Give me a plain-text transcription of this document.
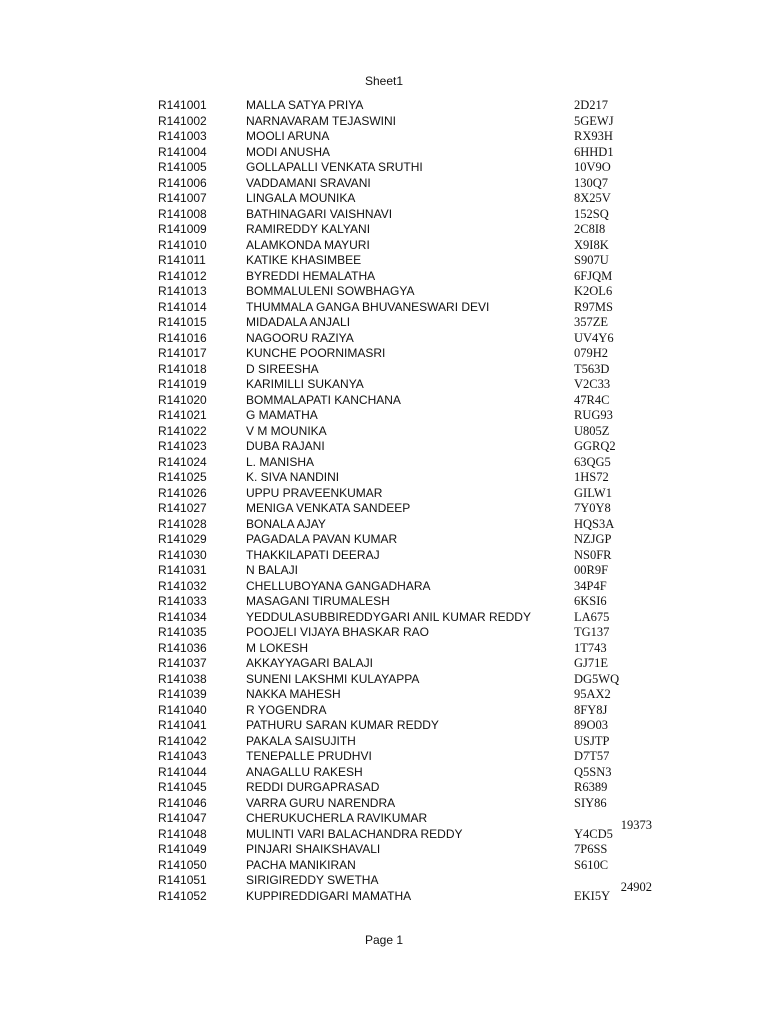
Sheet1
R141001	MALLA SATYA PRIYA	2D217
R141002	NARNAVARAM TEJASWINI	5GEWJ
R141003	MOOLI ARUNA	RX93H
R141004	MODI ANUSHA	6HHD1
R141005	GOLLAPALLI VENKATA SRUTHI	10V9O
R141006	VADDAMANI SRAVANI	130Q7
R141007	LINGALA MOUNIKA	8X25V
R141008	BATHINAGARI VAISHNAVI	152SQ
R141009	RAMIREDDY KALYANI	2C8I8
R141010	ALAMKONDA MAYURI	X9I8K
R141011	KATIKE KHASIMBEE	S907U
R141012	BYREDDI HEMALATHA	6FJQM
R141013	BOMMALULENI SOWBHAGYA	K2OL6
R141014	THUMMALA GANGA BHUVANESWARI DEVI	R97MS
R141015	MIDADALA ANJALI	357ZE
R141016	NAGOORU RAZIYA	UV4Y6
R141017	KUNCHE POORNIMASRI	079H2
R141018	D SIREESHA	T563D
R141019	KARIMILLI SUKANYA	V2C33
R141020	BOMMALAPATI KANCHANA	47R4C
R141021	G MAMATHA	RUG93
R141022	V M MOUNIKA	U805Z
R141023	DUBA RAJANI	GGRQ2
R141024	L. MANISHA	63QG5
R141025	K. SIVA NANDINI	1HS72
R141026	UPPU PRAVEENKUMAR	GILW1
R141027	MENIGA VENKATA SANDEEP	7Y0Y8
R141028	BONALA AJAY	HQS3A
R141029	PAGADALA PAVAN KUMAR	NZJGP
R141030	THAKKILAPATI DEERAJ	NS0FR
R141031	N BALAJI	00R9F
R141032	CHELLUBOYANA GANGADHARA	34P4F
R141033	MASAGANI TIRUMALESH	6KSI6
R141034	YEDDULASUBBIREDDYGARI ANIL KUMAR REDDY	LA675
R141035	POOJELI VIJAYA BHASKAR RAO	TG137
R141036	M LOKESH	1T743
R141037	AKKAYYAGARI BALAJI	GJ71E
R141038	SUNENI LAKSHMI KULAYAPPA	DG5WQ
R141039	NAKKA MAHESH	95AX2
R141040	R YOGENDRA	8FY8J
R141041	PATHURU SARAN KUMAR REDDY	89O03
R141042	PAKALA SAISUJITH	USJTP
R141043	TENEPALLE PRUDHVI	D7T57
R141044	ANAGALLU RAKESH	Q5SN3
R141045	REDDI DURGAPRASAD	R6389
R141046	VARRA GURU NARENDRA	SIY86
R141047	CHERUKUCHERLA RAVIKUMAR	19373
R141048	MULINTI VARI BALACHANDRA REDDY	Y4CD5
R141049	PINJARI SHAIKSHAVALI	7P6SS
R141050	PACHA MANIKIRAN	S610C
R141051	SIRIGIREDDY SWETHA	24902
R141052	KUPPIREDDIGARI MAMATHA	EKI5Y
Page 1
